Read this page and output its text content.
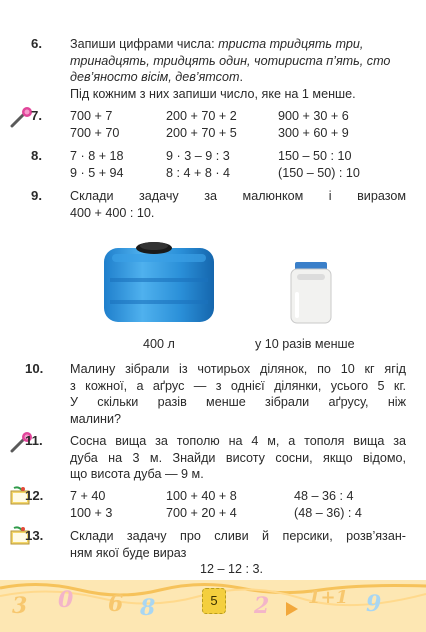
6. Запиши цифрами числа: триста тридцять три,
тринадцять, тридцять один, чотириста п’ять, сто
дев’яносто вісім, дев’ятсот.
Під кожним з них запиши число, яке на 1 менше.
7. 700 + 7	200 + 70 + 2	900 + 30 + 6
700 + 70	200 + 70 + 5	300 + 60 + 9
8. 7 · 8 + 18	9 · 3 – 9 : 3	150 – 50 : 10
9 · 5 + 94	8 : 4 + 8 · 4	(150 – 50) : 10
9. Склади задачу за малюнком і виразом
400 + 400 : 10.
400 л	у 10 разів менше
10. Малину зібрали із чотирьох ділянок, по 10 кг ягід
з кожної, а аґрус — з однієї ділянки, усього 5 кг.
У скільки разів менше зібрали аґрусу, ніж
малини?
11. Сосна вища за тополю на 4 м, а тополя вища за
дуба на 3 м. Знайди висоту сосни, якщо відомо,
що висота дуба — 9 м.
12. 7 + 40	100 + 40 + 8	48 – 36 : 4
100 + 3	700 + 20 + 4	(48 – 36) : 4
13. Склади задачу про сливи й персики, розв’язан-
ням якої буде вираз
12 – 12 : 3.
3 0 6 8	2 1+1 9
5
